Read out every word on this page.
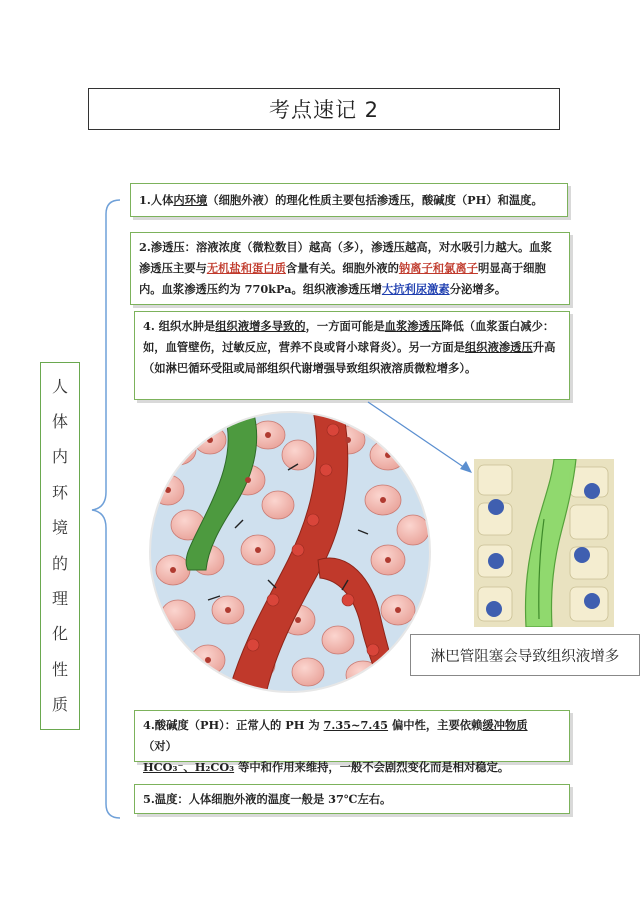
考点速记 2
人
体
内
环
境
的
理
化
性
质
1.人体内环境（细胞外液）的理化性质主要包括渗透压，酸碱度（PH）和温度。
2.渗透压：溶液浓度（微粒数目）越高（多），渗透压越高，对水吸引力越大。血浆渗透压主要与无机盐和蛋白质含量有关。细胞外液的钠离子和氯离子明显高于细胞内。血浆渗透压约为 770kPa。组织液渗透压增大抗利尿激素分泌增多。
4. 组织水肿是组织液增多导致的，一方面可能是血浆渗透压降低（血浆蛋白减少：如，血管壁伤，过敏反应，营养不良或肾小球肾炎）。另一方面是组织液渗透压升高（如淋巴循环受阻或局部组织代谢增强导致组织液溶质微粒增多）。
淋巴管阻塞会导致组织液增多
4.酸碱度（PH）：正常人的 PH 为 7.35~7.45 偏中性，主要依赖缓冲物质（对）
HCO₃⁻、H₂CO₃ 等中和作用来维持，一般不会剧烈变化而是相对稳定。
5.温度：人体细胞外液的温度一般是 37℃左右。
